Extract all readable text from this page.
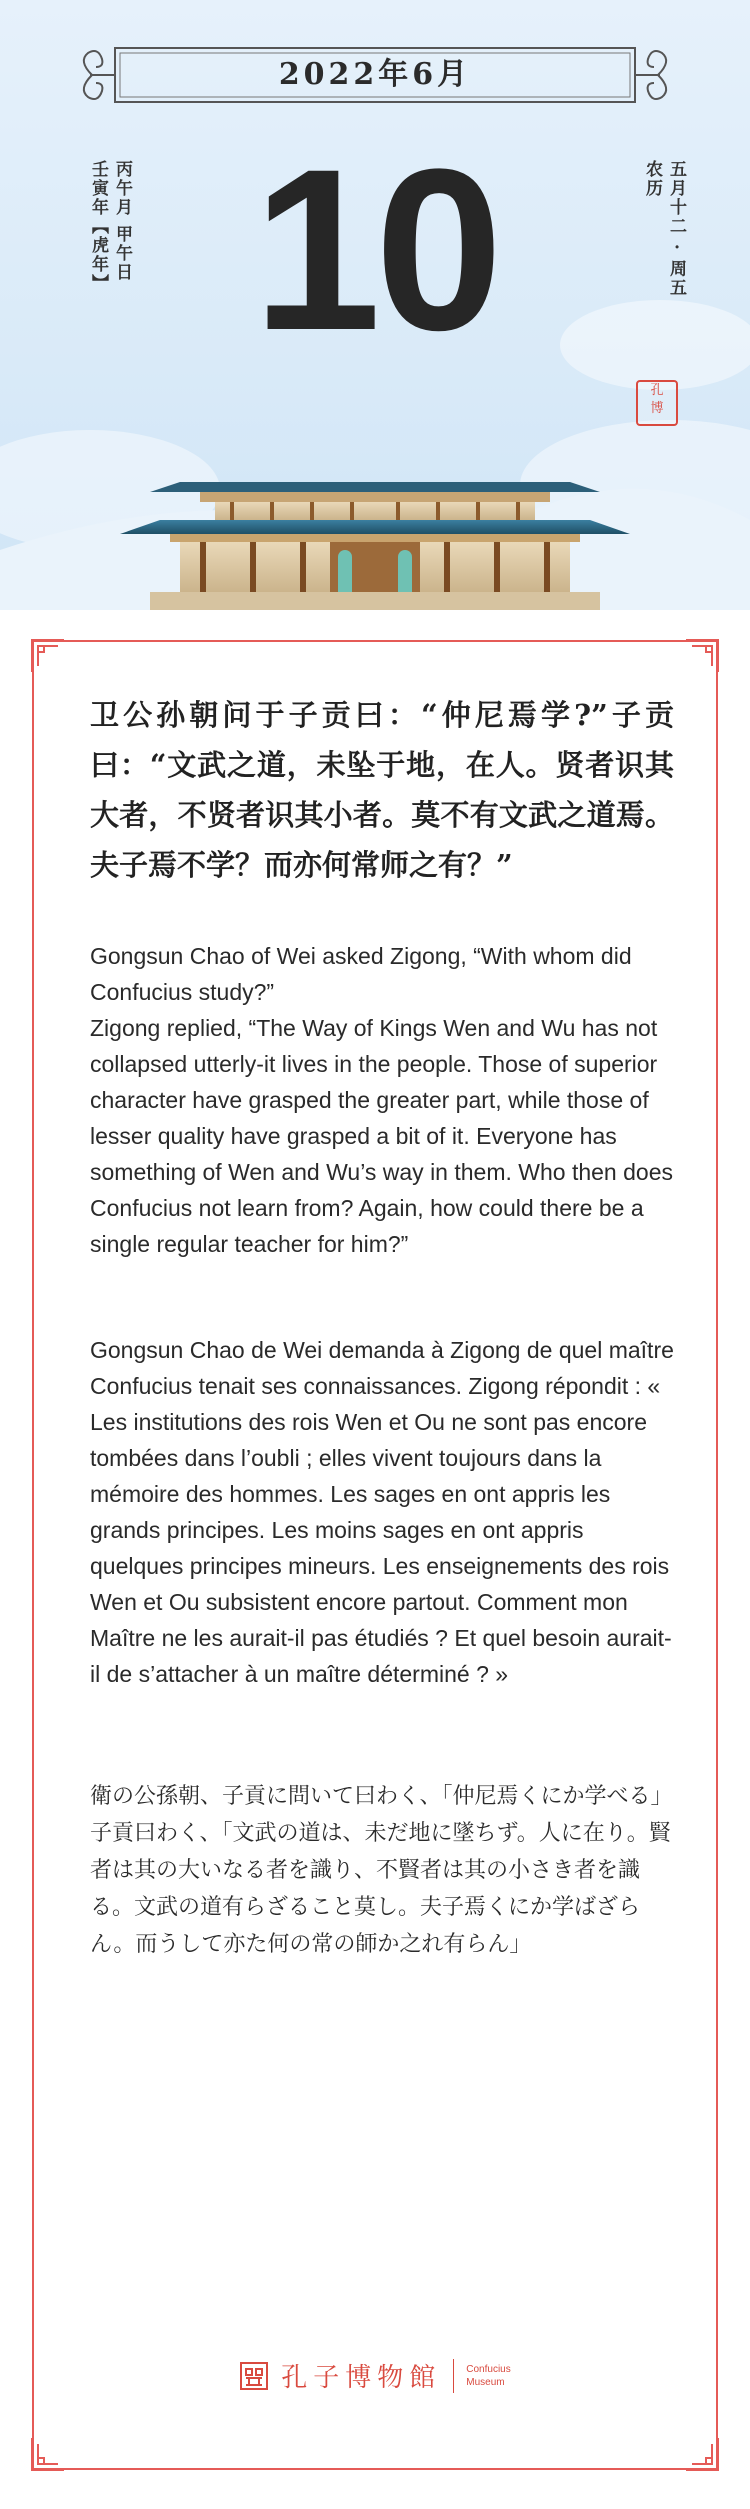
2022年6月
10
壬寅年【虎年】 丙午月 甲午日	农历 五月十二 · 周五
孔
博
卫公孙朝问于子贡曰：“仲尼焉学?”子贡曰：“文武之道，未坠于地，在人。贤者识其大者，不贤者识其小者。莫不有文武之道焉。夫子焉不学？而亦何常师之有？”

Gongsun Chao of Wei asked Zigong, “With whom did Confucius study?”

Zigong replied, “The Way of Kings Wen and Wu has not collapsed utterly-it lives in the people. Those of superior character have grasped the greater part, while those of lesser quality have grasped a bit of it. Everyone has something of Wen and Wu’s way in them. Who then does Confucius not learn from? Again, how could there be a single regular teacher for him?”

Gongsun Chao de Wei demanda à Zigong de quel maître Confucius tenait ses connaissances. Zigong répondit : « Les institutions des rois Wen et Ou ne sont pas encore tombées dans l’oubli ; elles vivent toujours dans la mémoire des hommes. Les sages en ont appris les grands principes. Les moins sages en ont appris quelques principes mineurs. Les enseignements des rois Wen et Ou subsistent encore partout. Comment mon Maître ne les aurait-il pas étudiés ? Et quel besoin aurait-il de s’attacher à un maître déterminé ? »
衛の公孫朝、子貢に問いて曰わく、「仲尼焉くにか学べる」子貢曰わく、「文武の道は、未だ地に墜ちず。人に在り。賢者は其の大いなる者を識り、不賢者は其の小さき者を識る。文武の道有らざること莫し。夫子焉くにか学ばざらん。而うして亦た何の常の師か之れ有らん」
孔子博物館	Confucius
Museum
